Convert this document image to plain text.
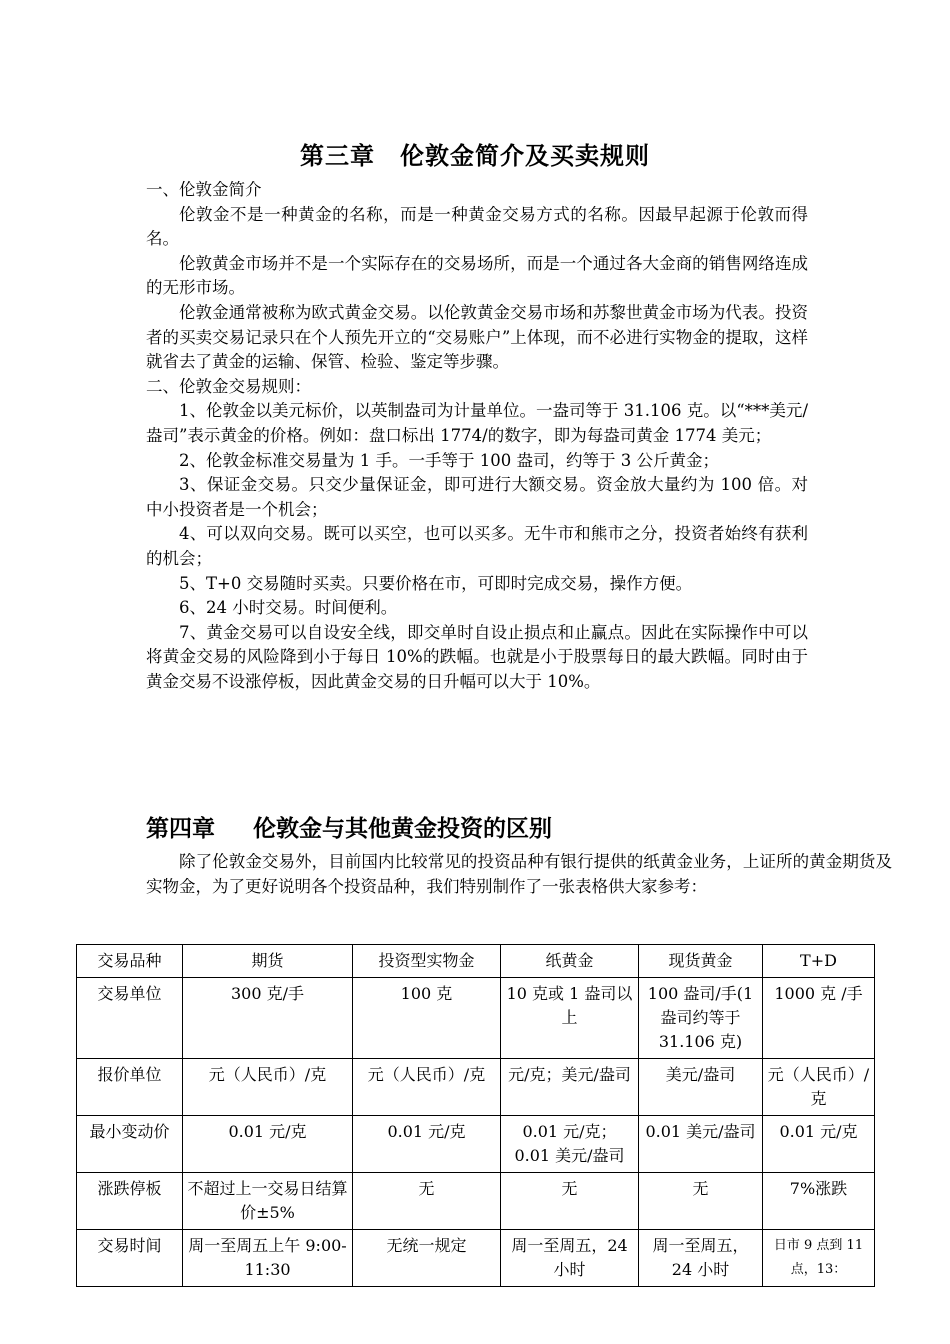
第三章　伦敦金简介及买卖规则

一、伦敦金简介

伦敦金不是一种黄金的名称，而是一种黄金交易方式的名称。因最早起源于伦敦而得名。

伦敦黄金市场并不是一个实际存在的交易场所，而是一个通过各大金商的销售网络连成的无形市场。

伦敦金通常被称为欧式黄金交易。以伦敦黄金交易市场和苏黎世黄金市场为代表。投资者的买卖交易记录只在个人预先开立的“交易账户”上体现，而不必进行实物金的提取，这样就省去了黄金的运输、保管、检验、鉴定等步骤。

二、伦敦金交易规则：

1、伦敦金以美元标价，以英制盎司为计量单位。一盎司等于 31.106 克。以“***美元/盎司”表示黄金的价格。例如：盘口标出 1774/的数字，即为每盎司黄金 1774 美元；

2、伦敦金标准交易量为 1 手。一手等于 100 盎司，约等于 3 公斤黄金；

3、保证金交易。只交少量保证金，即可进行大额交易。资金放大量约为 100 倍。对中小投资者是一个机会；

4、可以双向交易。既可以买空，也可以买多。无牛市和熊市之分，投资者始终有获利的机会；

5、T+0 交易随时买卖。只要价格在市，可即时完成交易，操作方便。

6、24 小时交易。时间便利。

7、黄金交易可以自设安全线，即交单时自设止损点和止赢点。因此在实际操作中可以将黄金交易的风险降到小于每日 10%的跌幅。也就是小于股票每日的最大跌幅。同时由于黄金交易不设涨停板，因此黄金交易的日升幅可以大于 10%。

第四章 伦敦金与其他黄金投资的区别

除了伦敦金交易外，目前国内比较常见的投资品种有银行提供的纸黄金业务，上证所的黄金期货及实物金，为了更好说明各个投资品种，我们特别制作了一张表格供大家参考：

交易品种	期货	投资型实物金	纸黄金	现货黄金	T+D
交易单位	300 克/手	100 克	10 克或 1 盎司以上	100 盎司/手(1 盎司约等于 31.106 克)	1000 克 /手
报价单位	元（人民币）/克	元（人民币）/克	元/克；美元/盎司	美元/盎司	元（人民币）/克
最小变动价	0.01 元/克	0.01 元/克	0.01 元/克；0.01 美元/盎司	0.01 美元/盎司	0.01 元/克
涨跌停板	不超过上一交易日结算价±5%	无	无	无	7%涨跌
交易时间	周一至周五上午 9:00-11:30	无统一规定	周一至周五，24 小时	周一至周五，24 小时	日市 9 点到 11 点，13：
